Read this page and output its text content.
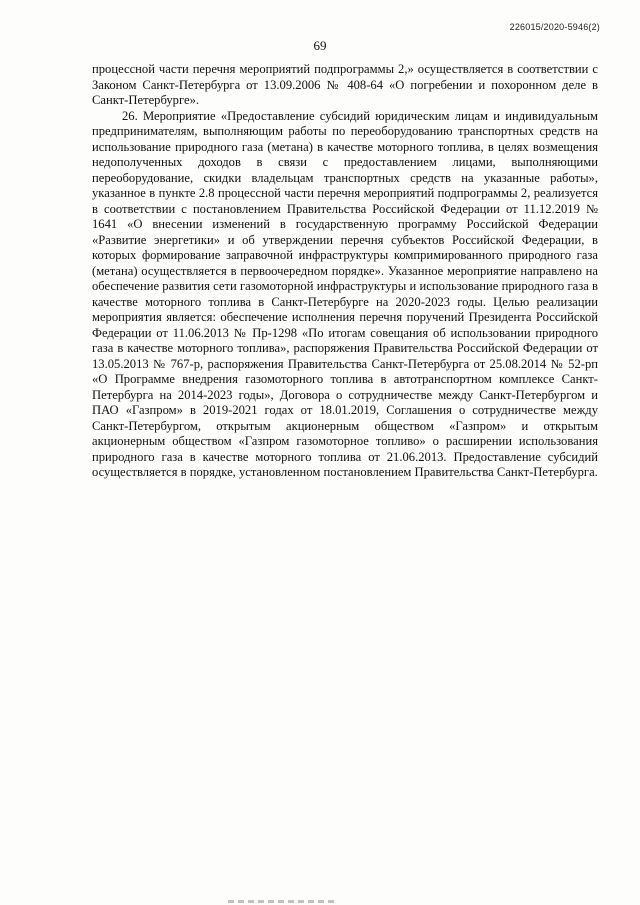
226015/2020-5946(2)
69

процессной части перечня мероприятий подпрограммы 2,» осуществляется в соответствии с Законом Санкт-Петербурга от 13.09.2006 № 408-64 «О погребении и похоронном деле в Санкт-Петербурге».

26. Мероприятие «Предоставление субсидий юридическим лицам и индивидуальным предпринимателям, выполняющим работы по переоборудованию транспортных средств на использование природного газа (метана) в качестве моторного топлива, в целях возмещения недополученных доходов в связи с предоставлением лицами, выполняющими переоборудование, скидки владельцам транспортных средств на указанные работы», указанное в пункте 2.8 процессной части перечня мероприятий подпрограммы 2, реализуется в соответствии с постановлением Правительства Российской Федерации от 11.12.2019 № 1641 «О внесении изменений в государственную программу Российской Федерации «Развитие энергетики» и об утверждении перечня субъектов Российской Федерации, в которых формирование заправочной инфраструктуры компримированного природного газа (метана) осуществляется в первоочередном порядке». Указанное мероприятие направлено на обеспечение развития сети газомоторной инфраструктуры и использование природного газа в качестве моторного топлива в Санкт-Петербурге на 2020-2023 годы. Целью реализации мероприятия является: обеспечение исполнения перечня поручений Президента Российской Федерации от 11.06.2013 № Пр-1298 «По итогам совещания об использовании природного газа в качестве моторного топлива», распоряжения Правительства Российской Федерации от 13.05.2013 № 767-р, распоряжения Правительства Санкт-Петербурга от 25.08.2014 № 52-рп «О Программе внедрения газомоторного топлива в автотранспортном комплексе Санкт-Петербурга на 2014-2023 годы», Договора о сотрудничестве между Санкт-Петербургом и ПАО «Газпром» в 2019-2021 годах от 18.01.2019, Соглашения о сотрудничестве между Санкт-Петербургом, открытым акционерным обществом «Газпром» и открытым акционерным обществом «Газпром газомоторное топливо» о расширении использования природного газа в качестве моторного топлива от 21.06.2013. Предоставление субсидий осуществляется в порядке, установленном постановлением Правительства Санкт-Петербурга.
